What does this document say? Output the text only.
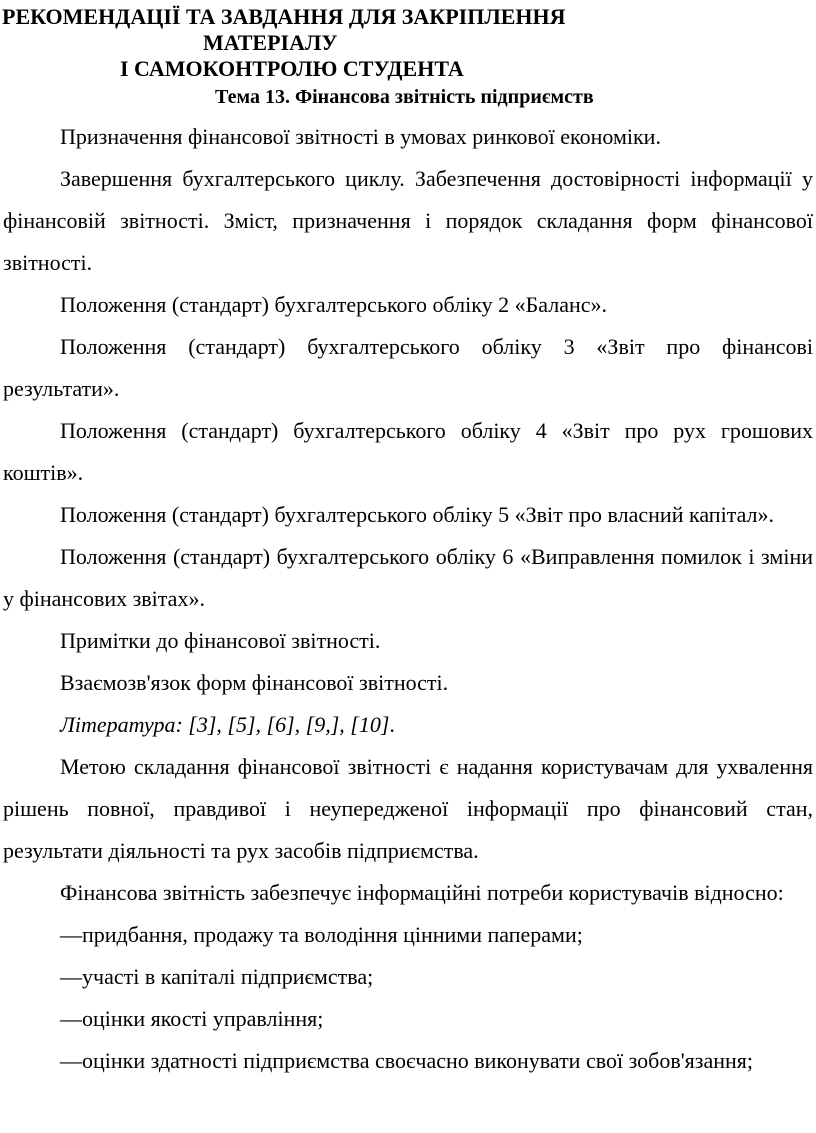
РЕКОМЕНДАЦІЇ ТА ЗАВДАННЯ ДЛЯ ЗАКРІПЛЕННЯ
МАТЕРІАЛУ
І САМОКОНТРОЛЮ СТУДЕНТА
Тема 13. Фінансова звітність підприємств

Призначення фінансової звітності в умовах ринкової економіки.

Завершення бухгалтерського циклу. Забезпечення достовірності інформації у фінансовій звітності. Зміст, призначення і порядок складання форм фінансової звітності.

Положення (стандарт) бухгалтерського обліку 2 «Баланс».

Положення (стандарт) бухгалтерського обліку 3 «Звіт про фінансові результати».

Положення (стандарт) бухгалтерського обліку 4 «Звіт про рух грошових коштів».

Положення (стандарт) бухгалтерського обліку 5 «Звіт про власний капітал».

Положення (стандарт) бухгалтерського обліку 6 «Виправлення помилок і зміни у фінансових звітах».

Примітки до фінансової звітності.

Взаємозв'язок форм фінансової звітності.

Література: [3], [5], [6], [9,], [10].

Метою складання фінансової звітності є надання користувачам для ухвалення рішень повної, правдивої і неупередженої інформації про фінансовий стан, результати діяльності та рух засобів підприємства.

Фінансова звітність забезпечує інформаційні потреби користувачів відносно:

—придбання, продажу та володіння цінними паперами;

—участі в капіталі підприємства;

—оцінки якості управління;

—оцінки здатності підприємства своєчасно виконувати свої зобов'язання;
